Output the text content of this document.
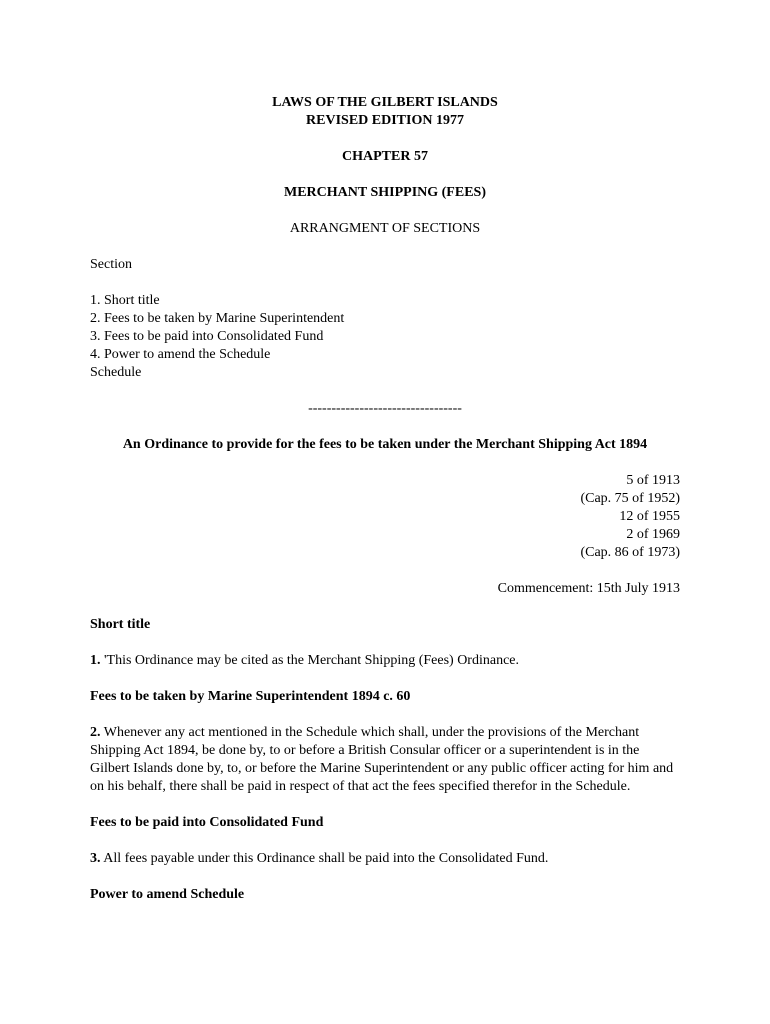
LAWS OF THE GILBERT ISLANDS
REVISED EDITION 1977
CHAPTER 57
MERCHANT SHIPPING (FEES)
ARRANGMENT OF SECTIONS
Section
1. Short title
2. Fees to be taken by Marine Superintendent
3. Fees to be paid into Consolidated Fund
4. Power to amend the Schedule
Schedule
---------------------------------
An Ordinance to provide for the fees to be taken under the Merchant Shipping Act 1894
5 of 1913
(Cap. 75 of 1952)
12 of 1955
2 of 1969
(Cap. 86 of 1973)
Commencement: 15th July 1913
Short title

1. 'This Ordinance may be cited as the Merchant Shipping (Fees) Ordinance.

Fees to be taken by Marine Superintendent 1894 c. 60

2. Whenever any act mentioned in the Schedule which shall, under the provisions of the Merchant Shipping Act 1894, be done by, to or before a British Consular officer or a superintendent is in the Gilbert Islands done by, to, or before the Marine Superintendent or any public officer acting for him and on his behalf, there shall be paid in respect of that act the fees specified therefor in the Schedule.

Fees to be paid into Consolidated Fund

3. All fees payable under this Ordinance shall be paid into the Consolidated Fund.

Power to amend Schedule
